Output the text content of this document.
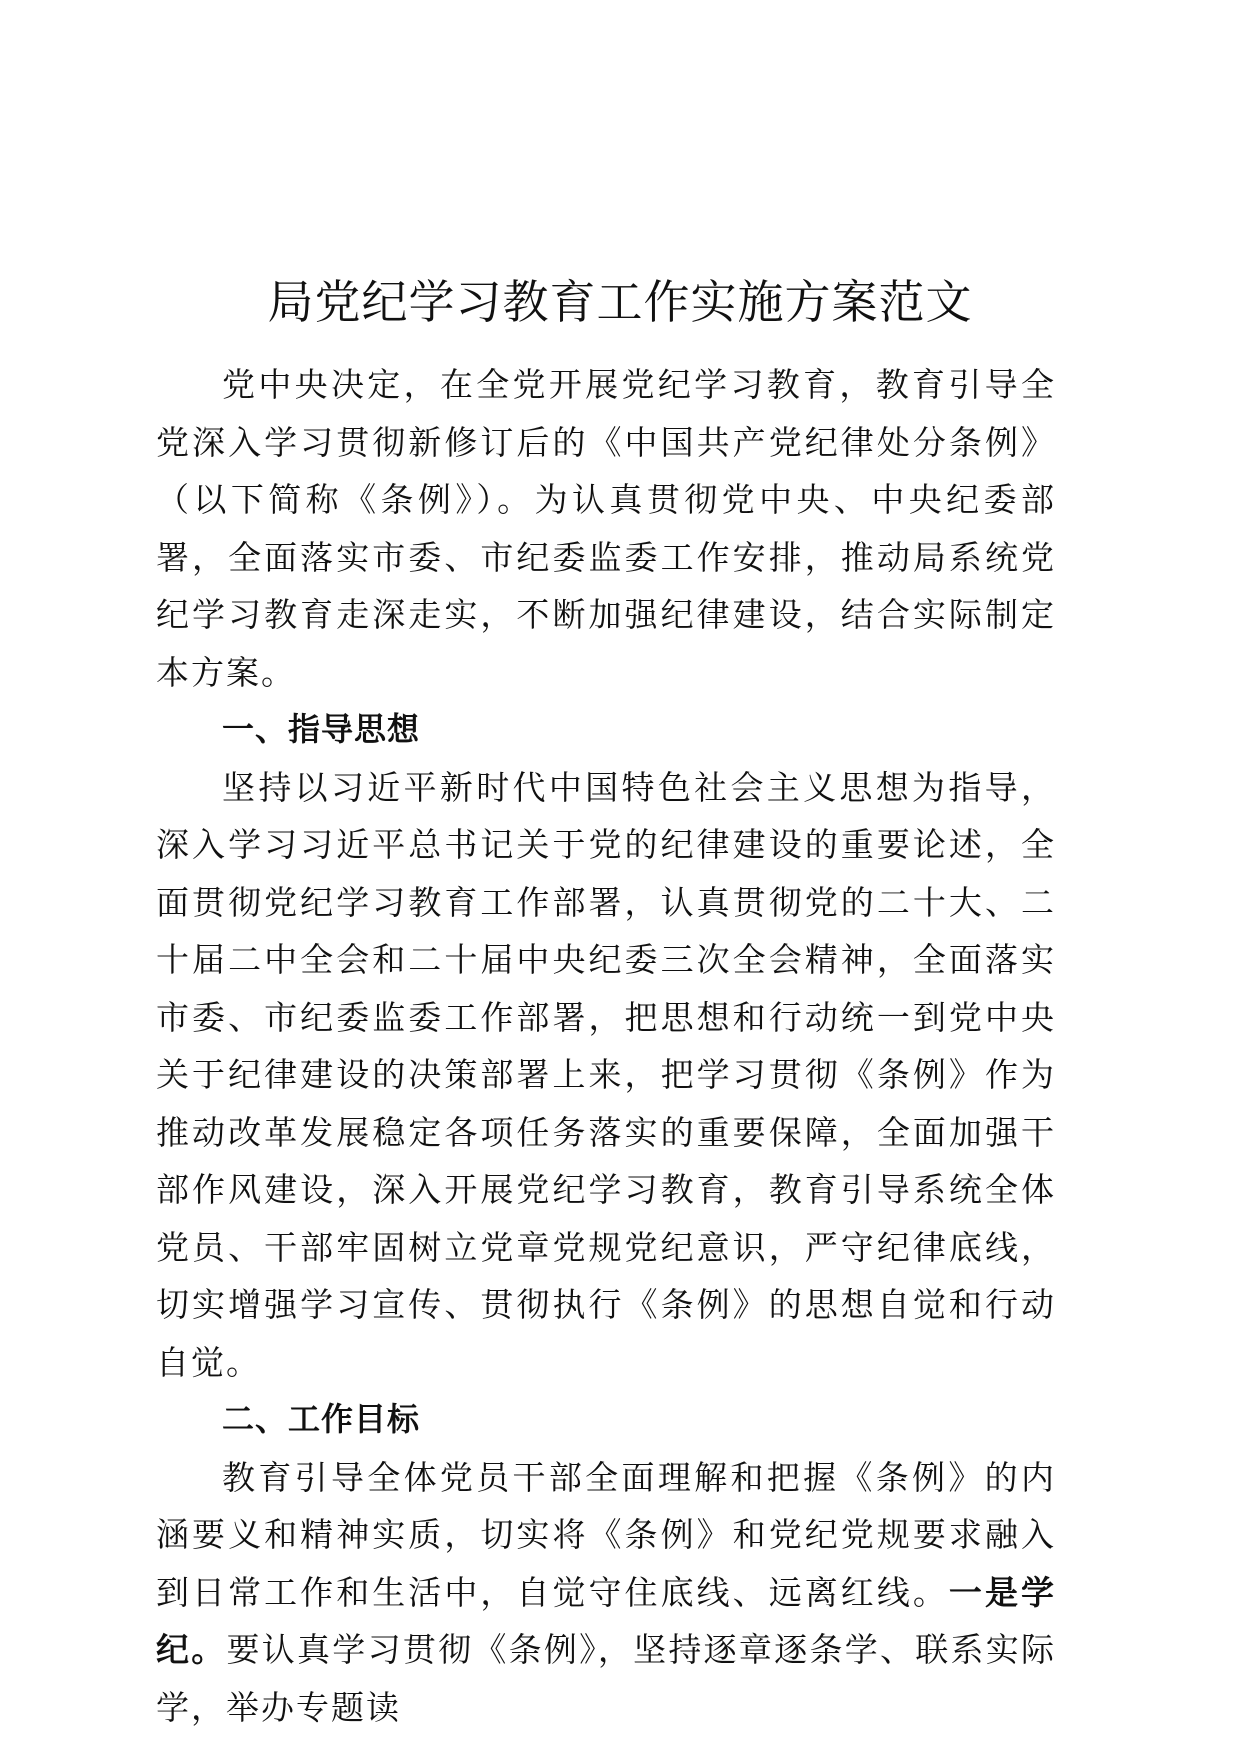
局党纪学习教育工作实施方案范文

党中央决定，在全党开展党纪学习教育，教育引导全党深入学习贯彻新修订后的《中国共产党纪律处分条例》（以下简称《条例》）。为认真贯彻党中央、中央纪委部署，全面落实市委、市纪委监委工作安排，推动局系统党纪学习教育走深走实，不断加强纪律建设，结合实际制定本方案。

一、指导思想

坚持以习近平新时代中国特色社会主义思想为指导，深入学习习近平总书记关于党的纪律建设的重要论述，全面贯彻党纪学习教育工作部署，认真贯彻党的二十大、二十届二中全会和二十届中央纪委三次全会精神，全面落实市委、市纪委监委工作部署，把思想和行动统一到党中央关于纪律建设的决策部署上来，把学习贯彻《条例》作为推动改革发展稳定各项任务落实的重要保障，全面加强干部作风建设，深入开展党纪学习教育，教育引导系统全体党员、干部牢固树立党章党规党纪意识，严守纪律底线，切实增强学习宣传、贯彻执行《条例》的思想自觉和行动自觉。

二、工作目标

教育引导全体党员干部全面理解和把握《条例》的内涵要义和精神实质，切实将《条例》和党纪党规要求融入到日常工作和生活中，自觉守住底线、远离红线。一是学纪。要认真学习贯彻《条例》，坚持逐章逐条学、联系实际学，举办专题读
